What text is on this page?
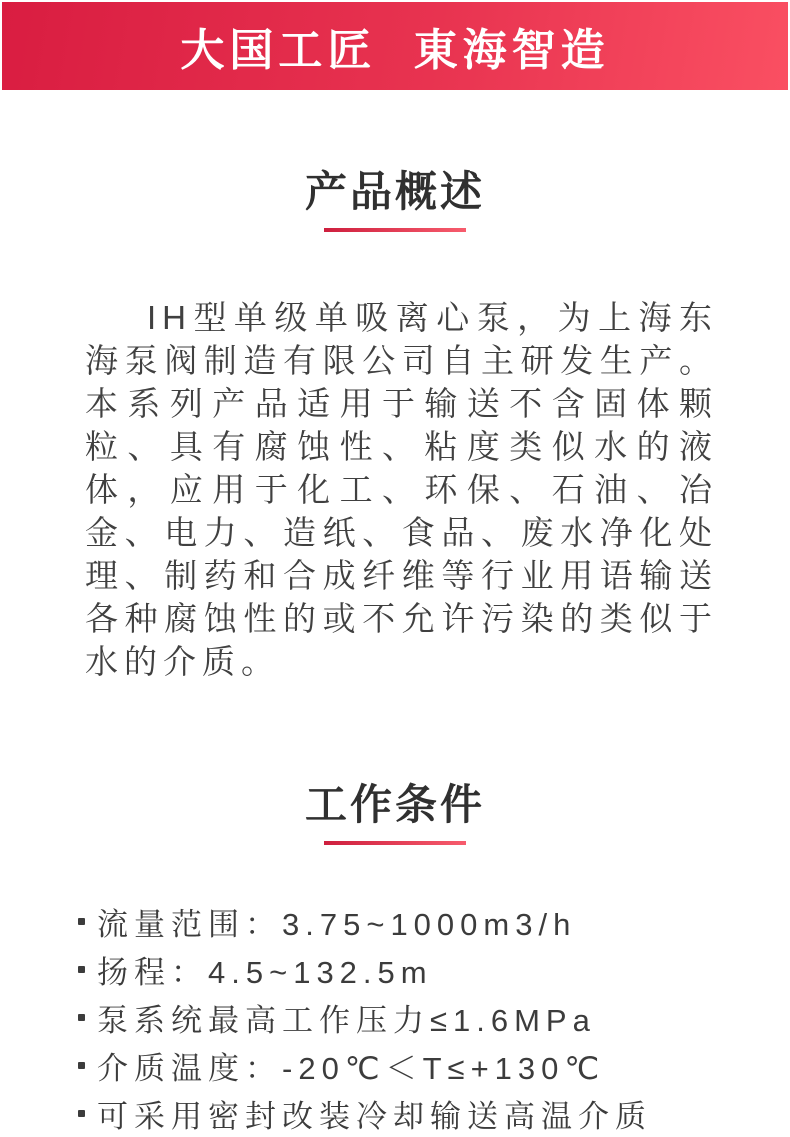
大国工匠 東海智造
产品概述

IH型单级单吸离心泵，为上海东海泵阀制造有限公司自主研发生产。本系列产品适用于输送不含固体颗粒、具有腐蚀性、粘度类似水的液体，应用于化工、环保、石油、冶金、电力、造纸、食品、废水净化处理、制药和合成纤维等行业用语输送各种腐蚀性的或不允许污染的类似于水的介质。

工作条件
流量范围：3.75~1000m3/h
扬程：4.5~132.5m
泵系统最高工作压力≤1.6MPa
介质温度：-20℃＜T≤+130℃
可采用密封改装冷却输送高温介质
